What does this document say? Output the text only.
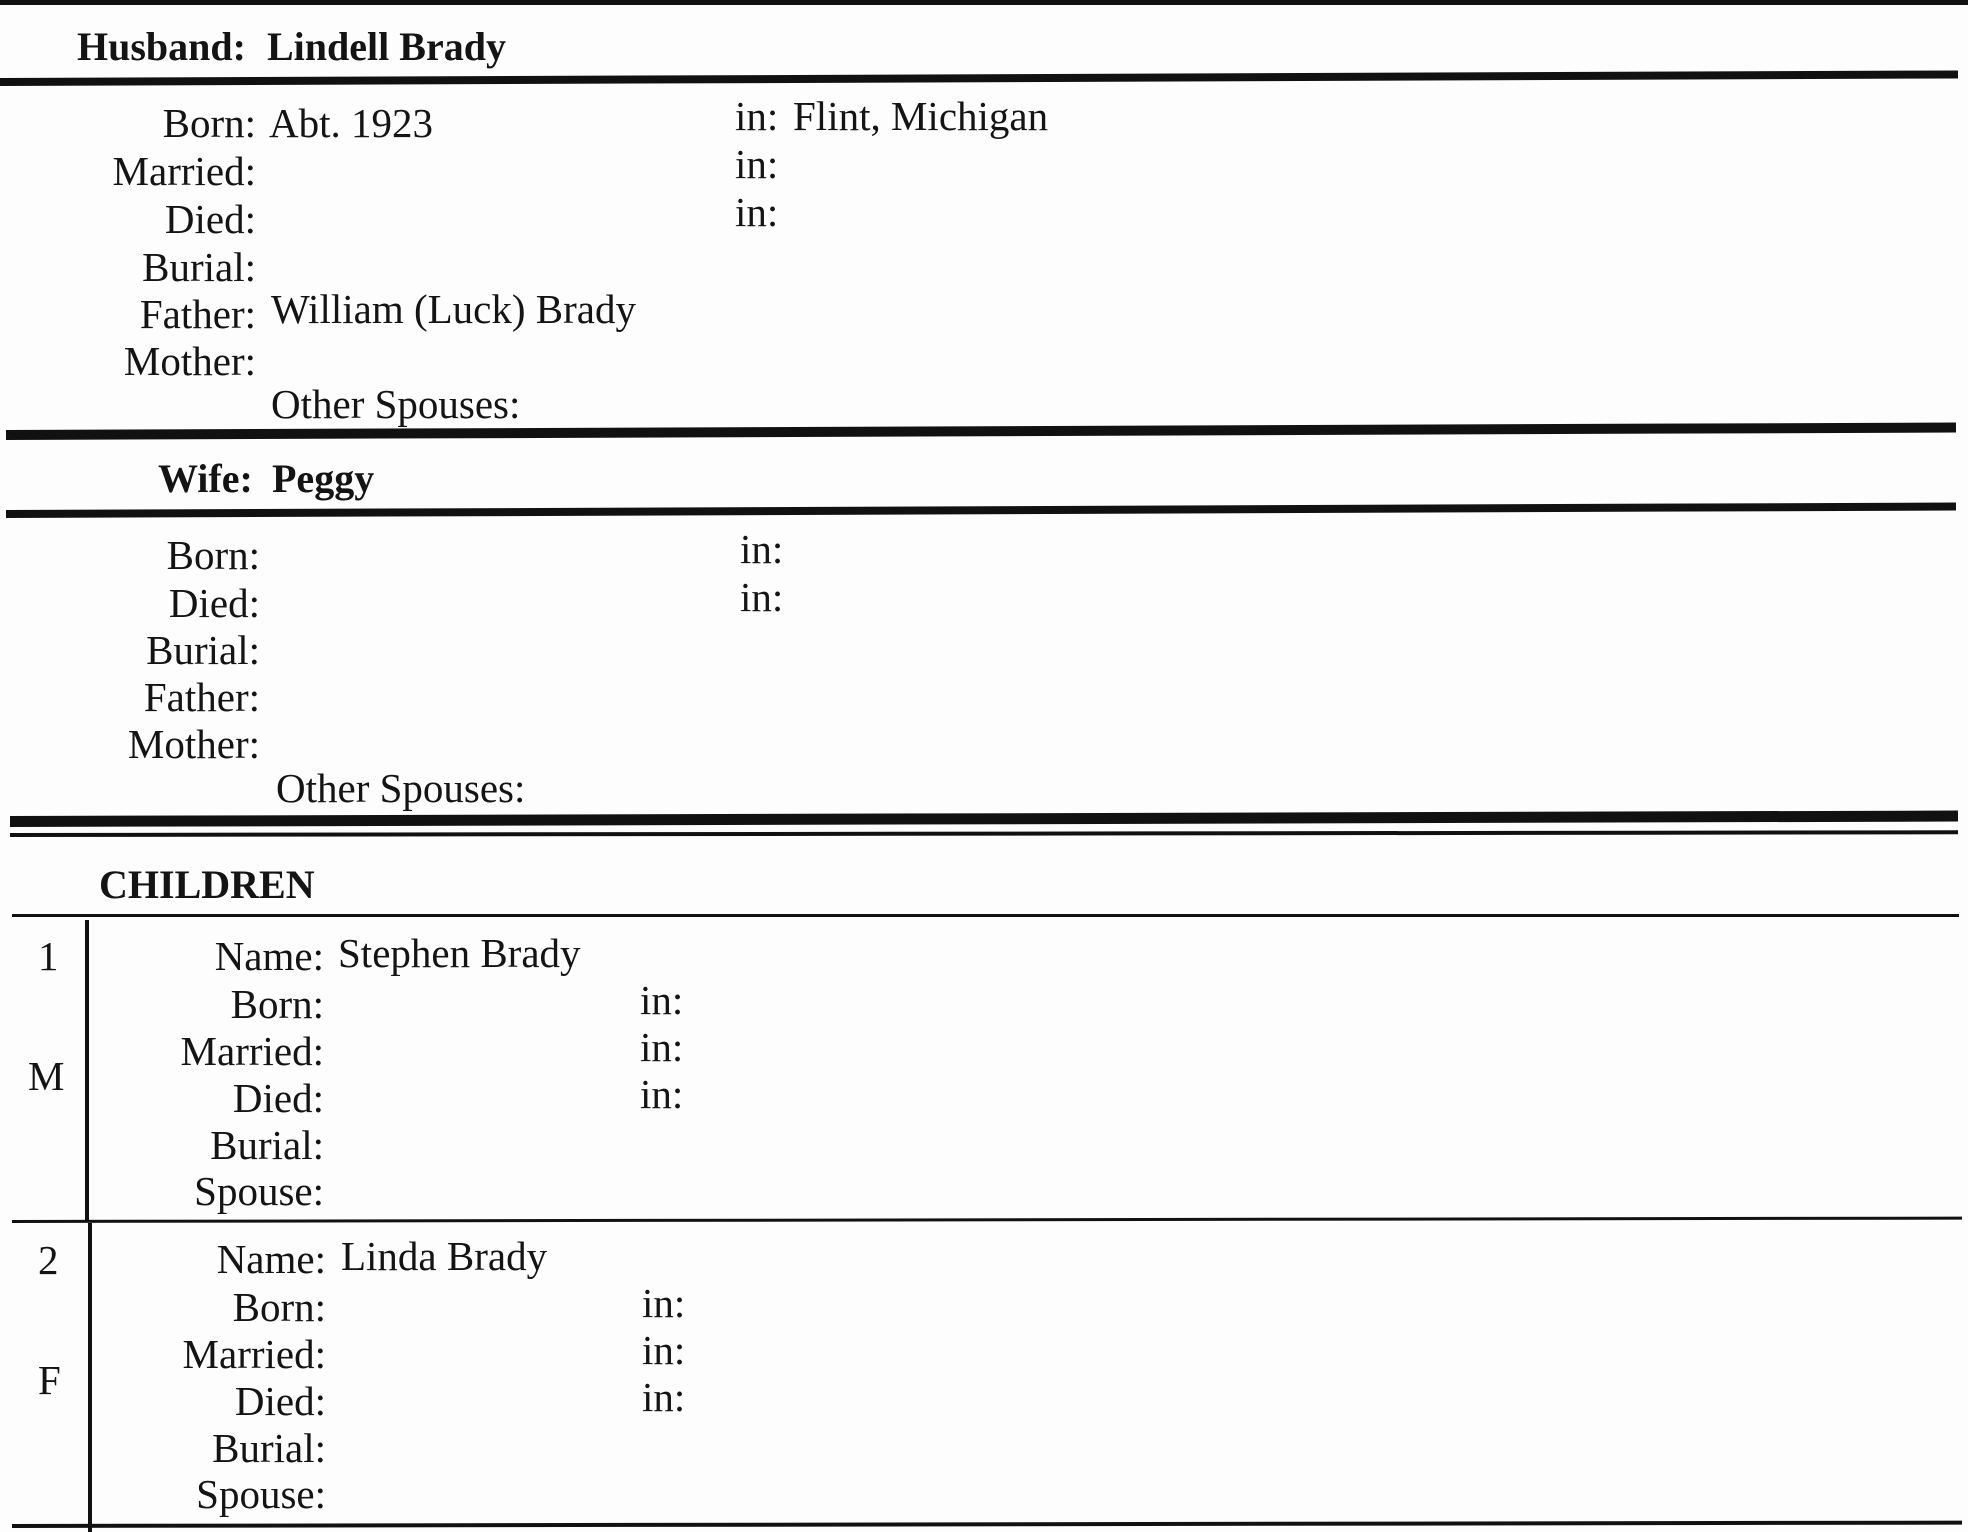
Husband: Lindell Brady
Born: Abt. 1923	in: Flint, Michigan
Married:	in:
Died:	in:
Burial:
Father: William (Luck) Brady
Mother:
Other Spouses:
Wife: Peggy
Born:	in:
Died:	in:
Burial:
Father:
Mother:
Other Spouses:
CHILDREN
1
M
Name: Stephen Brady
Born:	in:
Married:	in:
Died:	in:
Burial:
Spouse:
2
F
Name: Linda Brady
Born:	in:
Married:	in:
Died:	in:
Burial:
Spouse:
